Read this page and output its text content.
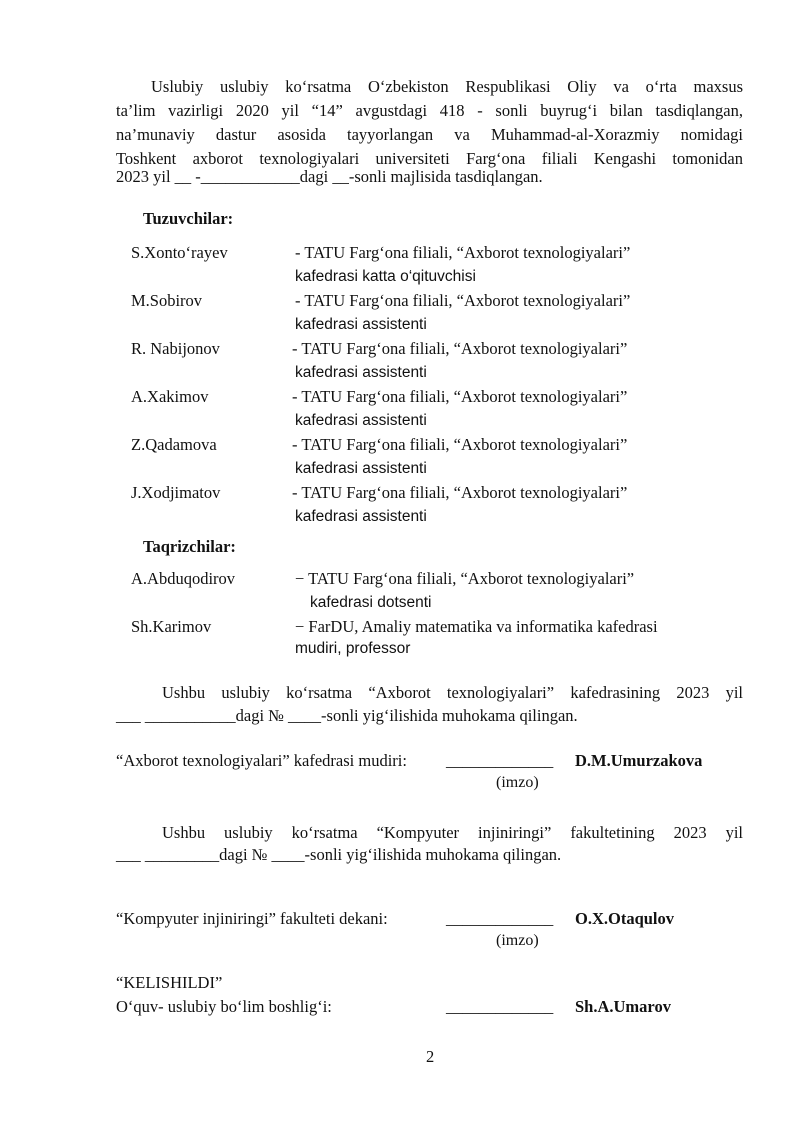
Uslubiy uslubiy ko‘rsatma O‘zbekiston Respublikasi Oliy va o‘rta maxsus
ta’lim vazirligi 2020 yil “14” avgustdagi 418 - sonli buyrug‘i bilan tasdiqlangan,
na’munaviy dastur asosida tayyorlangan va Muhammad-al-Xorazmiy nomidagi
Toshkent axborot texnologiyalari universiteti Farg‘ona filiali Kengashi tomonidan
2023 yil __ -____________dagi __-sonli majlisida tasdiqlangan.
Tuzuvchilar:
S.Xonto‘rayev	- TATU Farg‘ona filiali, “Axborot texnologiyalari”
kafedrasi katta o‘qituvchisi
M.Sobirov	- TATU Farg‘ona filiali, “Axborot texnologiyalari”
kafedrasi assistenti
R. Nabijonov	- TATU Farg‘ona filiali, “Axborot texnologiyalari”
kafedrasi assistenti
A.Xakimov	- TATU Farg‘ona filiali, “Axborot texnologiyalari”
kafedrasi assistenti
Z.Qadamova	- TATU Farg‘ona filiali, “Axborot texnologiyalari”
kafedrasi assistenti
J.Xodjimatov	- TATU Farg‘ona filiali, “Axborot texnologiyalari”
kafedrasi assistenti
Taqrizchilar:
A.Abduqodirov	− TATU Farg‘ona filiali, “Axborot texnologiyalari”
kafedrasi dotsenti
Sh.Karimov	− FarDU, Amaliy matematika va informatika kafedrasi
mudiri, professor
Ushbu uslubiy ko‘rsatma “Axborot texnologiyalari” kafedrasining 2023 yil
___ ___________dagi № ____-sonli yig‘ilishida muhokama qilingan.
“Axborot texnologiyalari” kafedrasi mudiri: _____________ D.M.Umurzakova
(imzo)
Ushbu uslubiy ko‘rsatma “Kompyuter injiniringi” fakultetining 2023 yil
___ _________dagi № ____-sonli yig‘ilishida muhokama qilingan.
“Kompyuter injiniringi” fakulteti dekani:	_____________ O.X.Otaqulov
(imzo)
“KELISHILDI”
O‘quv- uslubiy bo‘lim boshlig‘i:	_____________ Sh.A.Umarov
2
